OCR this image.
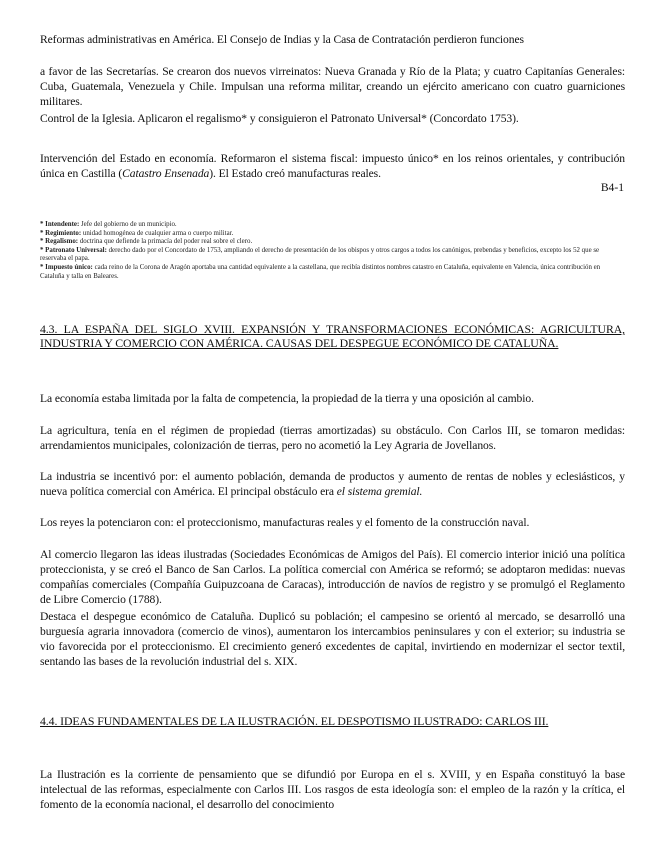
Reformas administrativas en América. El Consejo de Indias y la Casa de Contratación perdieron funciones

a favor de las Secretarías. Se crearon dos nuevos virreinatos: Nueva Granada y Río de la Plata; y cuatro Capitanías Generales: Cuba, Guatemala, Venezuela y Chile. Impulsan una reforma militar, creando un ejército americano con cuatro guarniciones militares.

Control de la Iglesia. Aplicaron el regalismo* y consiguieron el Patronato Universal* (Concordato 1753).

Intervención del Estado en economía. Reformaron el sistema fiscal: impuesto único* en los reinos orientales, y contribución única en Castilla (Catastro Ensenada). El Estado creó manufacturas reales.

B4-1

* Intendente: Jefe del gobierno de un municipio.

* Regimiento: unidad homogénea de cualquier arma o cuerpo militar.

* Regalismo: doctrina que defiende la primacía del poder real sobre el clero.

* Patronato Universal: derecho dado por el Concordato de 1753, ampliando el derecho de presentación de los obispos y otros cargos a todos los canónigos, prebendas y beneficios, excepto los 52 que se reservaba el papa.

* Impuesto único: cada reino de la Corona de Aragón aportaba una cantidad equivalente a la castellana, que recibía distintos nombres catastro en Cataluña, equivalente en Valencia, única contribución en Cataluña y talla en Baleares.

4.3. LA ESPAÑA DEL SIGLO XVIII. EXPANSIÓN Y TRANSFORMACIONES ECONÓMICAS: AGRICULTURA, INDUSTRIA Y COMERCIO CON AMÉRICA. CAUSAS DEL DESPEGUE ECONÓMICO DE CATALUÑA.

La economía estaba limitada por la falta de competencia, la propiedad de la tierra y una oposición al cambio.

La agricultura, tenía en el régimen de propiedad (tierras amortizadas) su obstáculo. Con Carlos III, se tomaron medidas: arrendamientos municipales, colonización de tierras, pero no acometió la Ley Agraria de Jovellanos.

La industria se incentivó por: el aumento población, demanda de productos y aumento de rentas de nobles y eclesiásticos, y nueva política comercial con América. El principal obstáculo era el sistema gremial.

Los reyes la potenciaron con: el proteccionismo, manufacturas reales y el fomento de la construcción naval.

Al comercio llegaron las ideas ilustradas (Sociedades Económicas de Amigos del País). El comercio interior inició una política proteccionista, y se creó el Banco de San Carlos. La política comercial con América se reformó; se adoptaron medidas: nuevas compañías comerciales (Compañía Guipuzcoana de Caracas), introducción de navíos de registro y se promulgó el Reglamento de Libre Comercio (1788).

Destaca el despegue económico de Cataluña. Duplicó su población; el campesino se orientó al mercado, se desarrolló una burguesía agraria innovadora (comercio de vinos), aumentaron los intercambios peninsulares y con el exterior; su industria se vio favorecida por el proteccionismo. El crecimiento generó excedentes de capital, invirtiendo en modernizar el sector textil, sentando las bases de la revolución industrial del s. XIX.

4.4. IDEAS FUNDAMENTALES DE LA ILUSTRACIÓN. EL DESPOTISMO ILUSTRADO: CARLOS III.

La Ilustración es la corriente de pensamiento que se difundió por Europa en el s. XVIII, y en España constituyó la base intelectual de las reformas, especialmente con Carlos III. Los rasgos de esta ideología son: el empleo de la razón y la crítica, el fomento de la economía nacional, el desarrollo del conocimiento
